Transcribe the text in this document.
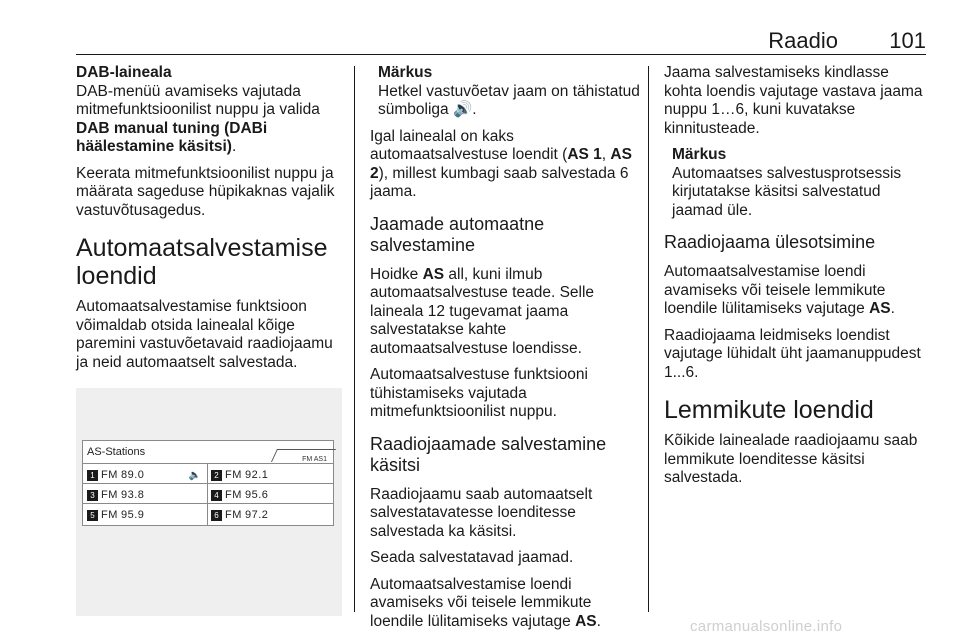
Raadio 101

DAB-laineala

DAB-menüü avamiseks vajutada mitmefunktsioonilist nuppu ja valida DAB manual tuning (DABi häälestamine käsitsi).

Keerata mitmefunktsioonilist nuppu ja määrata sageduse hüpikaknas vajalik vastuvõtusagedus.

Automaatsalvestamise loendid

Automaatsalvestamise funktsioon võimaldab otsida lainealal kõige paremini vastuvõetavaid raadiojaamu ja neid automaatselt salvestada.

AS-Stations
FM AS1
1 FM 89.0	🔈	2 FM 92.1
3 FM 93.8	4 FM 95.6
5 FM 95.9	6 FM 97.2
Märkus
Hetkel vastuvõetav jaam on tähistatud sümboliga 🔊.

Igal lainealal on kaks automaatsalvestuse loendit (AS 1, AS 2), millest kumbagi saab salvestada 6 jaama.

Jaamade automaatne salvestamine

Hoidke AS all, kuni ilmub automaatsalvestuse teade. Selle laineala 12 tugevamat jaama salvestatakse kahte automaatsalvestuse loendisse.

Automaatsalvestuse funktsiooni tühistamiseks vajutada mitmefunktsioonilist nuppu.

Raadiojaamade salvestamine käsitsi

Raadiojaamu saab automaatselt salvestatavatesse loenditesse salvestada ka käsitsi.

Seada salvestatavad jaamad.

Automaatsalvestamise loendi avamiseks või teisele lemmikute loendile lülitamiseks vajutage AS.

Jaama salvestamiseks kindlasse kohta loendis vajutage vastava jaama nuppu 1…6, kuni kuvatakse kinnitusteade.

Märkus
Automaatses salvestusprotsessis kirjutatakse käsitsi salvestatud jaamad üle.
Raadiojaama ülesotsimine

Automaatsalvestamise loendi avamiseks või teisele lemmikute loendile lülitamiseks vajutage AS.

Raadiojaama leidmiseks loendist vajutage lühidalt üht jaamanuppudest 1...6.

Lemmikute loendid

Kõikide lainealade raadiojaamu saab lemmikute loenditesse käsitsi salvestada.

carmanualsonline.info
